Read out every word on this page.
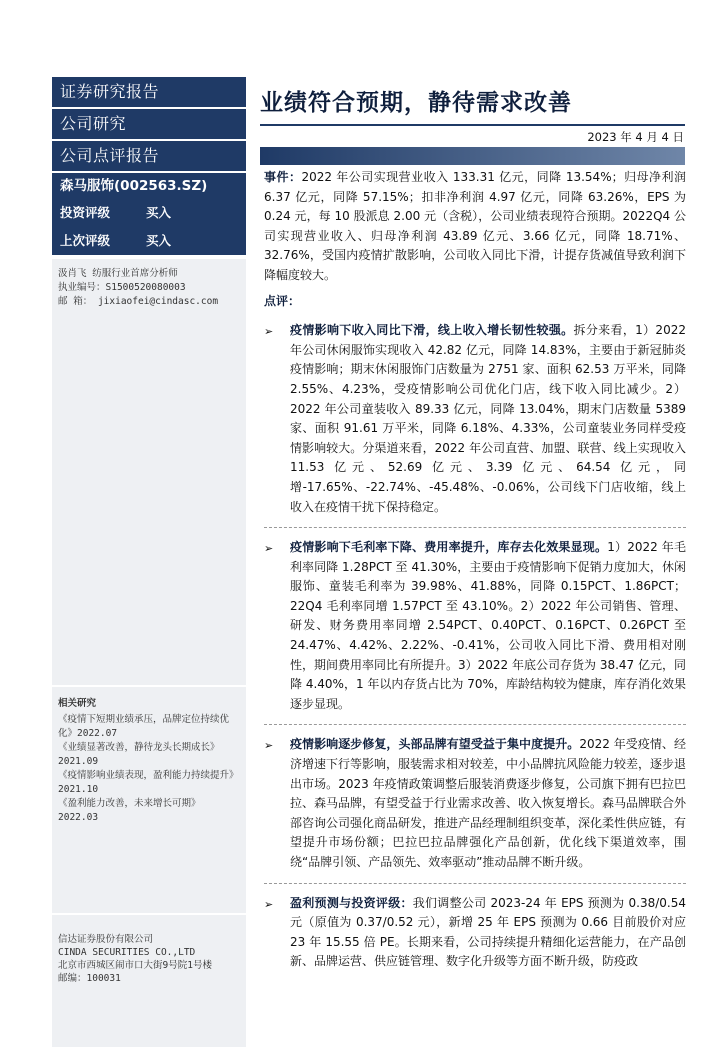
证券研究报告
公司研究
公司点评报告
森马服饰(002563.SZ)
投资评级	买入
上次评级	买入
汲肖飞 纺服行业首席分析师
执业编号：S1500520080003
邮 箱： jixiaofei@cindasc.com
相关研究
《疫情下短期业绩承压，品牌定位持续优化》2022.07
《业绩显著改善，静待龙头长期成长》2021.09
《疫情影响业绩表现，盈利能力持续提升》2021.10
《盈利能力改善，未来增长可期》2022.03
信达证券股份有限公司
CINDA SECURITIES CO.,LTD
北京市西城区闹市口大街9号院1号楼
邮编：100031
业绩符合预期，静待需求改善
2023 年 4 月 4 日
事件：2022 年公司实现营业收入 133.31 亿元，同降 13.54%；归母净利润 6.37 亿元，同降 57.15%；扣非净利润 4.97 亿元，同降 63.26%，EPS 为 0.24 元，每 10 股派息 2.00 元（含税），公司业绩表现符合预期。2022Q4 公司实现营业收入、归母净利润 43.89 亿元、3.66 亿元，同降 18.71%、32.76%，受国内疫情扩散影响，公司收入同比下滑，计提存货减值导致利润下降幅度较大。
点评：
➢	疫情影响下收入同比下滑，线上收入增长韧性较强。拆分来看，1）2022 年公司休闲服饰实现收入 42.82 亿元，同降 14.83%，主要由于新冠肺炎疫情影响；期末休闲服饰门店数量为 2751 家、面积 62.53 万平米，同降 2.55%、4.23%，受疫情影响公司优化门店，线下收入同比减少。2）2022 年公司童装收入 89.33 亿元，同降 13.04%，期末门店数量 5389 家、面积 91.61 万平米，同降 6.18%、4.33%，公司童装业务同样受疫情影响较大。分渠道来看，2022 年公司直营、加盟、联营、线上实现收入 11.53 亿元、52.69 亿元、3.39 亿元、64.54 亿元，同增-17.65%、-22.74%、-45.48%、-0.06%，公司线下门店收缩，线上收入在疫情干扰下保持稳定。
➢	疫情影响下毛利率下降、费用率提升，库存去化效果显现。1）2022 年毛利率同降 1.28PCT 至 41.30%，主要由于疫情影响下促销力度加大，休闲服饰、童装毛利率为 39.98%、41.88%，同降 0.15PCT、1.86PCT；22Q4 毛利率同增 1.57PCT 至 43.10%。2）2022 年公司销售、管理、研发、财务费用率同增 2.54PCT、0.40PCT、0.16PCT、0.26PCT 至 24.47%、4.42%、2.22%、-0.41%，公司收入同比下滑、费用相对刚性，期间费用率同比有所提升。3）2022 年底公司存货为 38.47 亿元，同降 4.40%，1 年以内存货占比为 70%，库龄结构较为健康，库存消化效果逐步显现。
➢	疫情影响逐步修复，头部品牌有望受益于集中度提升。2022 年受疫情、经济增速下行等影响，服装需求相对较差，中小品牌抗风险能力较差，逐步退出市场。2023 年疫情政策调整后服装消费逐步修复，公司旗下拥有巴拉巴拉、森马品牌，有望受益于行业需求改善、收入恢复增长。森马品牌联合外部咨询公司强化商品研发，推进产品经理制组织变革，深化柔性供应链，有望提升市场份额；巴拉巴拉品牌强化产品创新，优化线下渠道效率，围绕“品牌引领、产品领先、效率驱动”推动品牌不断升级。
➢	盈利预测与投资评级：我们调整公司 2023-24 年 EPS 预测为 0.38/0.54 元（原值为 0.37/0.52 元），新增 25 年 EPS 预测为 0.66 目前股价对应 23 年 15.55 倍 PE。长期来看，公司持续提升精细化运营能力，在产品创新、品牌运营、供应链管理、数字化升级等方面不断升级，防疫政
